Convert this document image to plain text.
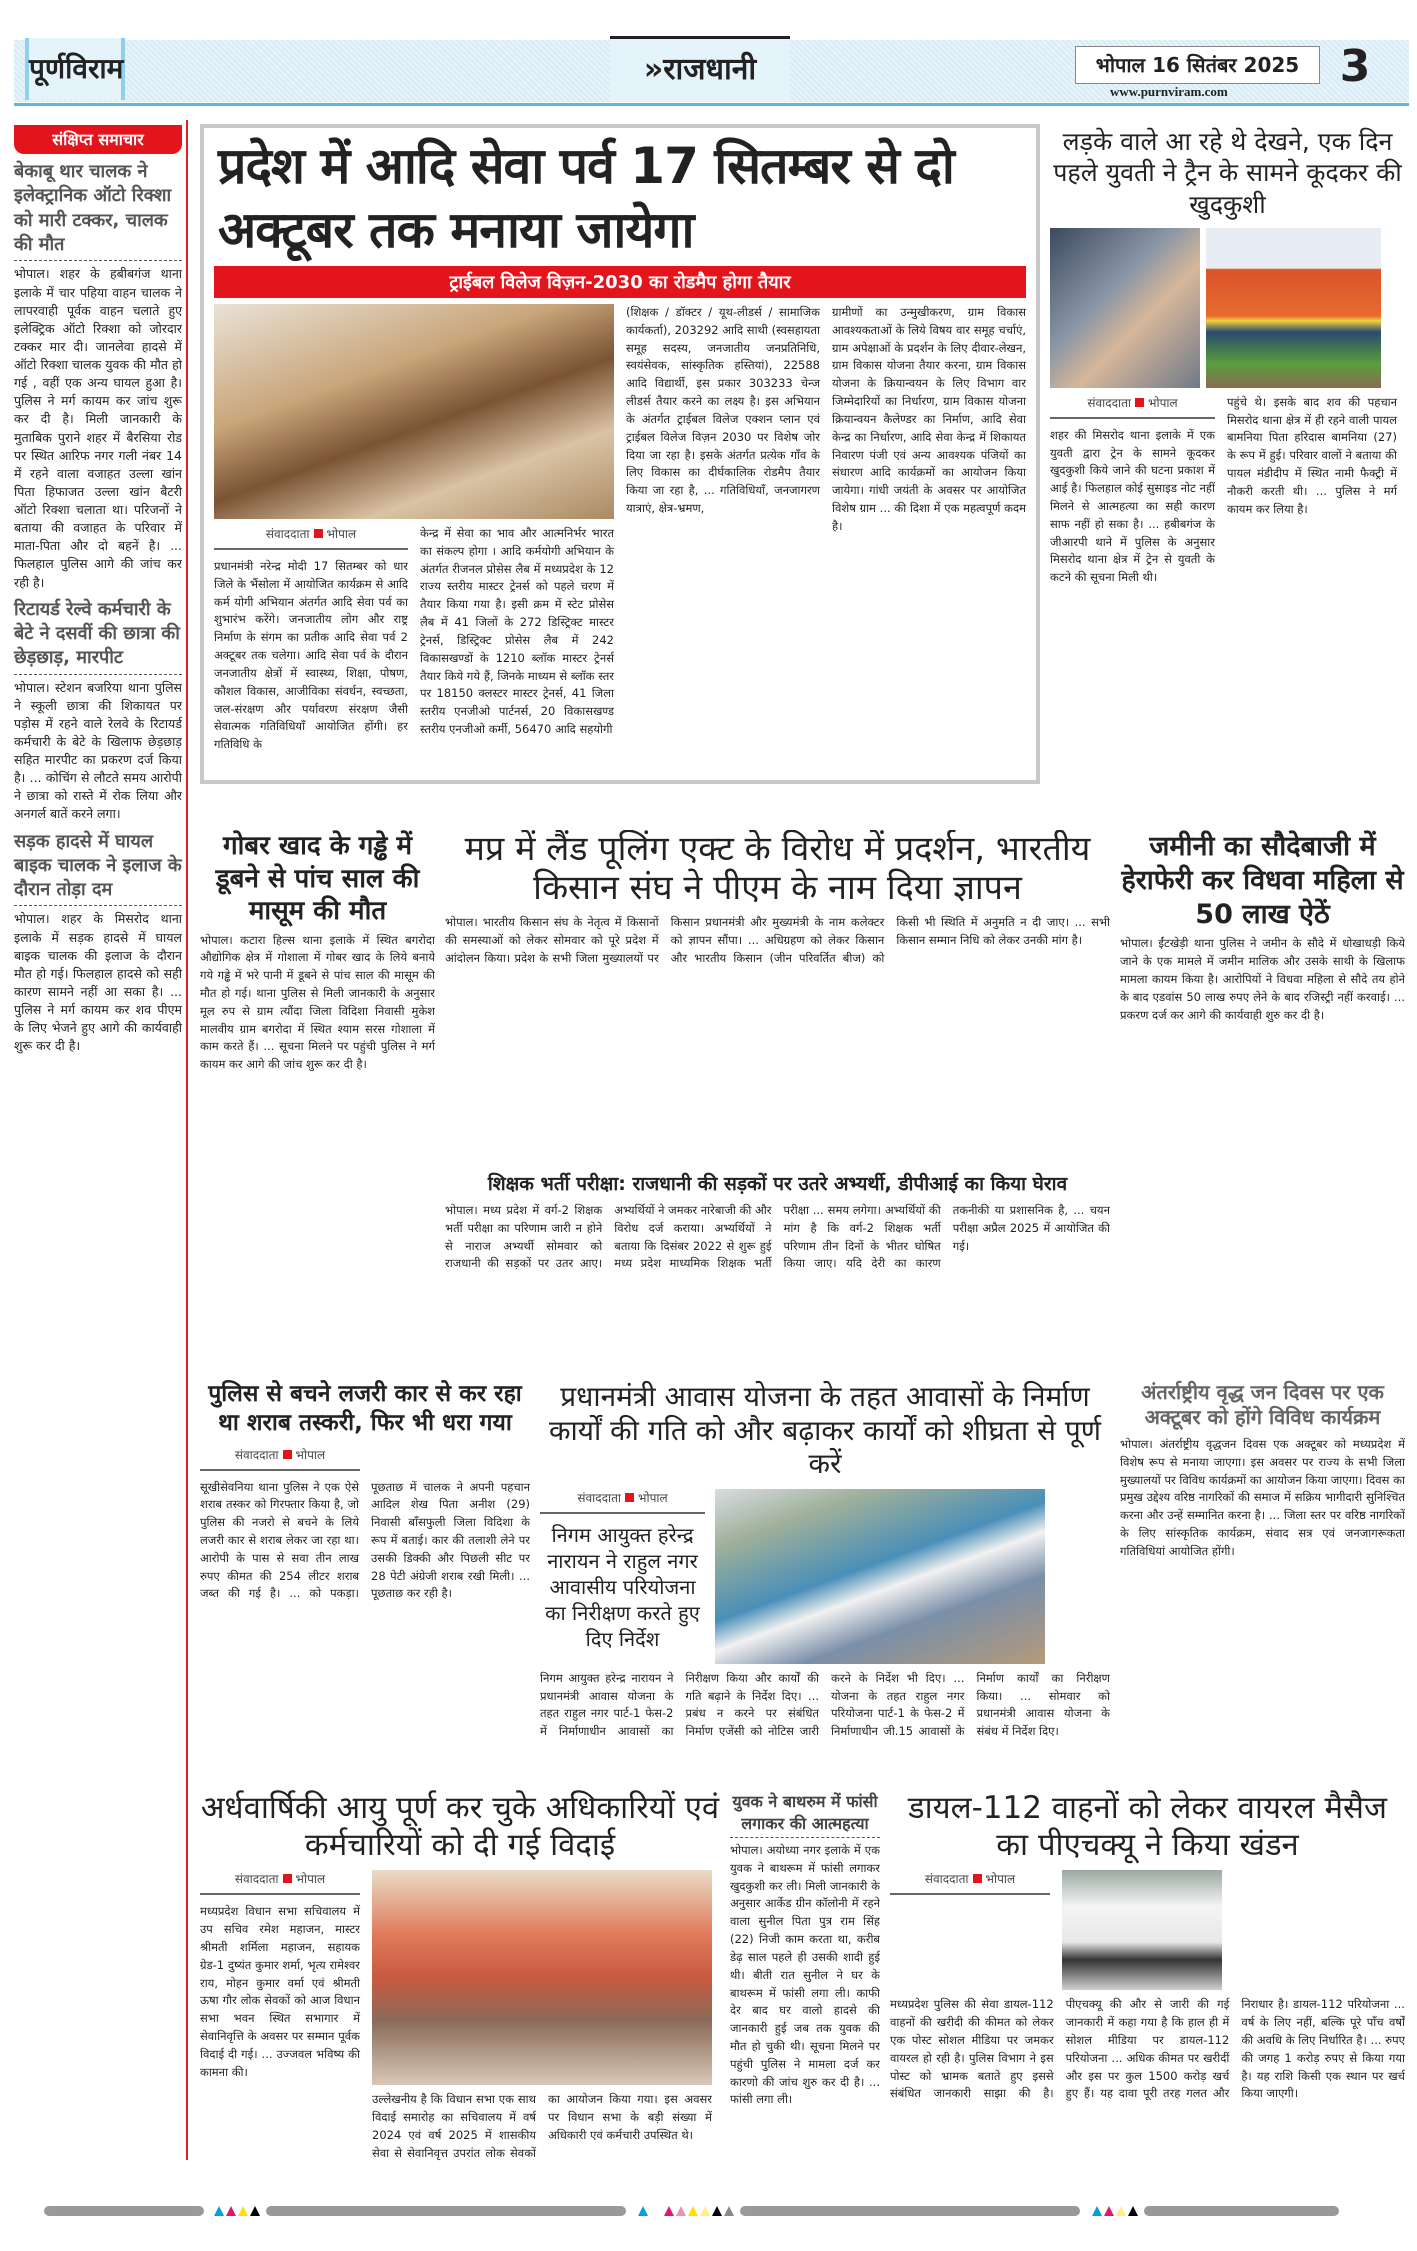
पूर्णविराम	»राजधानी	भोपाल 16 सितंबर 2025
www.purnviram.com	3
संक्षिप्त समाचार
बेकाबू थार चालक ने इलेक्ट्रानिक ऑटो रिक्शा को मारी टक्कर, चालक की मौत
भोपाल। शहर के हबीबगंज थाना इलाके में चार पहिया वाहन चालक ने लापरवाही पूर्वक वाहन चलाते हुए इलेक्ट्रिक ऑटो रिक्शा को जोरदार टक्कर मार दी। जानलेवा हादसे में ऑटो रिक्शा चालक युवक की मौत हो गई , वहीं एक अन्य घायल हुआ है। पुलिस ने मर्ग कायम कर जांच शुरू कर दी है। मिली जानकारी के मुताबिक पुराने शहर में बैरसिया रोड पर स्थित आरिफ नगर गली नंबर 14 में रहने वाला वजाहत उल्ला खांन पिता हिफाजत उल्ला खांन बैटरी ऑटो रिक्शा चलाता था। परिजनों ने बताया की वजाहत के परिवार में माता-पिता और दो बहनें है। ... फिलहाल पुलिस आगे की जांच कर रही है।
रिटायर्ड रेल्वे कर्मचारी के बेटे ने दसवीं की छात्रा की छेड़छाड़, मारपीट
भोपाल। स्टेशन बजरिया थाना पुलिस ने स्कूली छात्रा की शिकायत पर पड़ोस में रहने वाले रेलवे के रिटायर्ड कर्मचारी के बेटे के खिलाफ छेड़छाड़ सहित मारपीट का प्रकरण दर्ज किया है। ... कोचिंग से लौटते समय आरोपी ने छात्रा को रास्ते में रोक लिया और अनगर्ल बातें करने लगा।
सड़क हादसे में घायल बाइक चालक ने इलाज के दौरान तोड़ा दम
भोपाल। शहर के मिसरोद थाना इलाके में सड़क हादसे में घायल बाइक चालक की इलाज के दौरान मौत हो गई। फिलहाल हादसे को सही कारण सामने नहीं आ सका है। ... पुलिस ने मर्ग कायम कर शव पीएम के लिए भेजने हुए आगे की कार्यवाही शुरू कर दी है।
प्रदेश में आदि सेवा पर्व 17 सितम्बर से दो अक्टूबर तक मनाया जायेगा
ट्राईबल विलेज विज़न-2030 का रोडमैप होगा तैयार
संवाददाता भोपाल
प्रधानमंत्री नरेन्द्र मोदी 17 सितम्बर को धार जिले के भैंसोला में आयोजित कार्यक्रम से आदि कर्म योगी अभियान अंतर्गत आदि सेवा पर्व का शुभारंभ करेंगे। जनजातीय लोग और राष्ट्र निर्माण के संगम का प्रतीक आदि सेवा पर्व 2 अक्टूबर तक चलेगा। आदि सेवा पर्व के दौरान जनजातीय क्षेत्रों में स्वास्थ्य, शिक्षा, पोषण, कौशल विकास, आजीविका संवर्धन, स्वच्छता, जल-संरक्षण और पर्यावरण संरक्षण जैसी सेवात्मक गतिविधियाँ आयोजित होंगी। हर गतिविधि के
केन्द्र में सेवा का भाव और आत्मनिर्भर भारत का संकल्प होगा । आदि कर्मयोगी अभियान के अंतर्गत रीजनल प्रोसेस लैब में मध्यप्रदेश के 12 राज्य स्तरीय मास्टर ट्रेनर्स को पहले चरण में तैयार किया गया है। इसी क्रम में स्टेट प्रोसेस लैब में 41 जिलों के 272 डिस्ट्रिक्ट मास्टर ट्रेनर्स, डिस्ट्रिक्ट प्रोसेस लैब में 242 विकासखण्डों के 1210 ब्लॉक मास्टर ट्रेनर्स तैयार किये गये हैं, जिनके माध्यम से ब्लॉक स्तर पर 18150 क्लस्टर मास्टर ट्रेनर्स, 41 जिला स्तरीय एनजीओ पार्टनर्स, 20 विकासखण्ड स्तरीय एनजीओ कर्मी, 56470 आदि सहयोगी
(शिक्षक / डॉक्टर / यूथ-लीडर्स / सामाजिक कार्यकर्ता), 203292 आदि साथी (स्वसहायता समूह सदस्य, जनजातीय जनप्रतिनिधि, स्वयंसेवक, सांस्कृतिक हस्तियां), 22588 आदि विद्यार्थी, इस प्रकार 303233 चेन्ज लीडर्स तैयार करने का लक्ष्य है। इस अभियान के अंतर्गत ट्राईबल विलेज एक्शन प्लान एवं ट्राईबल विलेज विज़न 2030 पर विशेष जोर दिया जा रहा है। इसके अंतर्गत प्रत्येक गॉंव के लिए विकास का दीर्घकालिक रोडमैप तैयार किया जा रहा है, ... गतिविधियाँ, जनजागरण यात्राएं, क्षेत्र-भ्रमण,
ग्रामीणों का उन्मुखीकरण, ग्राम विकास आवश्यकताओं के लिये विषय वार समूह चर्चाएं, ग्राम अपेक्षाओं के प्रदर्शन के लिए दीवार-लेखन, ग्राम विकास योजना तैयार करना, ग्राम विकास योजना के क्रियान्वयन के लिए विभाग वार जिम्मेदारियों का निर्धारण, ग्राम विकास योजना क्रियान्वयन कैलेण्डर का निर्माण, आदि सेवा केन्द्र का निर्धारण, आदि सेवा केन्द्र में शिकायत निवारण पंजी एवं अन्य आवश्यक पंजियों का संधारण आदि कार्यक्रमों का आयोजन किया जायेगा। गांधी जयंती के अवसर पर आयोजित विशेष ग्राम ... की दिशा में एक महत्वपूर्ण कदम है।
लड़के वाले आ रहे थे देखने, एक दिन पहले युवती ने ट्रैन के सामने कूदकर की खुदकुशी
संवाददाता भोपाल
शहर की मिसरोद थाना इलाके में एक युवती द्वारा ट्रेन के सामने कूदकर खुदकुशी किये जाने की घटना प्रकाश में आई है। फिलहाल कोई सुसाइड नोट नहीं मिलने से आत्महत्या का सही कारण साफ नहीं हो सका है। ... हबीबगंज के जीआरपी थाने में पुलिस के अनुसार मिसरोद थाना क्षेत्र में ट्रेन से युवती के कटने की सूचना मिली थी।
पहुंचे थे। इसके बाद शव की पहचान मिसरोद थाना क्षेत्र में ही रहने वाली पायल बामनिया पिता हरिदास बामनिया (27) के रूप में हुई। परिवार वालों ने बताया की पायल मंडीदीप में स्थित नामी फैक्ट्री में नौकरी करती थी। ... पुलिस ने मर्ग कायम कर लिया है।
गोबर खाद के गड्ढे में डूबने से पांच साल की मासूम की मौत
भोपाल। कटारा हिल्स थाना इलाके में स्थित बगरोदा औद्योगिक क्षेत्र में गोशाला में गोबर खाद के लिये बनाये गये गड्ढे में भरे पानी में डूबने से पांच साल की मासूम की मौत हो गई। थाना पुलिस से मिली जानकारी के अनुसार मूल रुप से ग्राम त्यौंदा जिला विदिशा निवासी मुकेश मालवीय ग्राम बगरोदा में स्थित श्याम सरस गोशाला में काम करते हैं। ... सूचना मिलने पर पहुंची पुलिस ने मर्ग कायम कर आगे की जांच शुरू कर दी है।
मप्र में लैंड पूलिंग एक्ट के विरोध में प्रदर्शन, भारतीय किसान संघ ने पीएम के नाम दिया ज्ञापन
भोपाल। भारतीय किसान संघ के नेतृत्व में किसानों की समस्याओं को लेकर सोमवार को पूरे प्रदेश में आंदोलन किया। प्रदेश के सभी जिला मुख्यालयों पर किसान प्रधानमंत्री और मुख्यमंत्री के नाम कलेक्टर को ज्ञापन सौंपा। ... अधिग्रहण को लेकर किसान और भारतीय किसान (जीन परिवर्तित बीज) को किसी भी स्थिति में अनुमति न दी जाए। ... सभी किसान सम्मान निधि को लेकर उनकी मांग है।
जमीनी का सौदेबाजी में हेराफेरी कर विधवा महिला से 50 लाख ऐठें
भोपाल। ईंटखेड़ी थाना पुलिस ने जमीन के सौदे में धोखाधड़ी किये जाने के एक मामले में जमीन मालिक और उसके साथी के खिलाफ मामला कायम किया है। आरोपियों ने विधवा महिला से सौदे तय होने के बाद एडवांस 50 लाख रुपए लेने के बाद रजिस्ट्री नहीं करवाई। ... प्रकरण दर्ज कर आगे की कार्यवाही शुरु कर दी है।
शिक्षक भर्ती परीक्षा: राजधानी की सड़कों पर उतरे अभ्यर्थी, डीपीआई का किया घेराव
भोपाल। मध्य प्रदेश में वर्ग-2 शिक्षक भर्ती परीक्षा का परिणाम जारी न होने से नाराज अभ्यर्थी सोमवार को राजधानी की सड़कों पर उतर आए। अभ्यर्थियों ने जमकर नारेबाजी की और विरोध दर्ज कराया। अभ्यर्थियों ने बताया कि दिसंबर 2022 से शुरू हुई मध्य प्रदेश माध्यमिक शिक्षक भर्ती परीक्षा ... समय लगेगा। अभ्यर्थियों की मांग है कि वर्ग-2 शिक्षक भर्ती परिणाम तीन दिनों के भीतर घोषित किया जाए। यदि देरी का कारण तकनीकी या प्रशासनिक है, ... चयन परीक्षा अप्रैल 2025 में आयोजित की गई।
पुलिस से बचने लजरी कार से कर रहा था शराब तस्करी, फिर भी धरा गया
संवाददाता भोपाल
सूखीसेवनिया थाना पुलिस ने एक ऐसे शराब तस्कर को गिरफ्तार किया है, जो पुलिस की नजरो से बचने के लिये लजरी कार से शराब लेकर जा रहा था। आरोपी के पास से सवा तीन लाख रुपए कीमत की 254 लीटर शराब जब्त की गई है। ... को पकड़ा। पूछताछ में चालक ने अपनी पहचान आदिल शेख पिता अनीश (29) निवासी बॉंसफुली जिला विदिशा के रूप में बताई। कार की तलाशी लेने पर उसकी डिक्की और पिछली सीट पर 28 पेटी अंग्रेजी शराब रखी मिली। ... पूछताछ कर रही है।
प्रधानमंत्री आवास योजना के तहत आवासों के निर्माण कार्यों की गति को और बढ़ाकर कार्यों को शीघ्रता से पूर्ण करें
संवाददाता भोपाल
निगम आयुक्त हरेन्द्र नारायन ने राहुल नगर आवासीय परियोजना का निरीक्षण करते हुए दिए निर्देश
निगम आयुक्त हरेन्द्र नारायन ने प्रधानमंत्री आवास योजना के तहत राहुल नगर पार्ट-1 फेस-2 में निर्माणाधीन आवासों का निरीक्षण किया और कार्यों की गति बढ़ाने के निर्देश दिए। ... प्रबंध न करने पर संबंधित निर्माण एजेंसी को नोटिस जारी करने के निर्देश भी दिए। ... योजना के तहत राहुल नगर परियोजना पार्ट-1 के फेस-2 में निर्माणाधीन जी.15 आवासों के निर्माण कार्यों का निरीक्षण किया। ... सोमवार को प्रधानमंत्री आवास योजना के संबंध में निर्देश दिए।
अंतर्राष्ट्रीय वृद्ध जन दिवस पर एक अक्टूबर को होंगे विविध कार्यक्रम
भोपाल। अंतर्राष्ट्रीय वृद्धजन दिवस एक अक्टूबर को मध्यप्रदेश में विशेष रूप से मनाया जाएगा। इस अवसर पर राज्य के सभी जिला मुख्यालयों पर विविध कार्यक्रमों का आयोजन किया जाएगा। दिवस का प्रमुख उद्देश्य वरिष्ठ नागरिकों की समाज में सक्रिय भागीदारी सुनिश्चित करना और उन्हें सम्मानित करना है। ... जिला स्तर पर वरिष्ठ नागरिकों के लिए सांस्कृतिक कार्यक्रम, संवाद सत्र एवं जनजागरूकता गतिविधियां आयोजित होंगी।
अर्धवार्षिकी आयु पूर्ण कर चुके अधिकारियों एवं कर्मचारियों को दी गई विदाई
संवाददाता भोपाल
मध्यप्रदेश विधान सभा सचिवालय में उप सचिव रमेश महाजन, मास्टर श्रीमती शर्मिला महाजन, सहायक ग्रेड-1 दुष्यंत कुमार शर्मा, भृत्य रामेश्वर राय, मोहन कुमार वर्मा एवं श्रीमती ऊषा गौर लोक सेवकों को आज विधान सभा भवन स्थित सभागार में सेवानिवृत्ति के अवसर पर सम्मान पूर्वक विदाई दी गई। ... उज्जवल भविष्य की कामना की।
उल्लेखनीय है कि विधान सभा एक साथ विदाई समारोह का सचिवालय में वर्ष 2024 एवं वर्ष 2025 में शासकीय सेवा से सेवानिवृत्त उपरांत लोक सेवकों का आयोजन किया गया। इस अवसर पर विधान सभा के बड़ी संख्या में अधिकारी एवं कर्मचारी उपस्थित थे।
युवक ने बाथरुम में फांसी लगाकर की आत्महत्या
भोपाल। अयोध्या नगर इलाके में एक युवक ने बाथरूम में फांसी लगाकर खुदकुशी कर ली। मिली जानकारी के अनुसार आर्केड ग्रीन कॉलोनी में रहने वाला सुनील पिता पुत्र राम सिंह (22) निजी काम करता था, करीब डेढ़ साल पहले ही उसकी शादी हुई थी। बीती रात सुनील ने घर के बाथरूम में फांसी लगा ली। काफी देर बाद घर वालो हादसे की जानकारी हुई जब तक युवक की मौत हो चुकी थी। सूचना मिलने पर पहुंची पुलिस ने मामला दर्ज कर कारणो की जांच शुरु कर दी है। ... फांसी लगा ली।
डायल-112 वाहनों को लेकर वायरल मैसैज का पीएचक्यू ने किया खंडन
संवाददाता भोपाल
मध्यप्रदेश पुलिस की सेवा डायल-112 वाहनों की खरीदी की कीमत को लेकर एक पोस्ट सोशल मीडिया पर जमकर वायरल हो रही है। पुलिस विभाग ने इस पोस्ट को भ्रामक बताते हुए इससे संबंधित जानकारी साझा की है। पीएचक्यू की और से जारी की गई जानकारी में कहा गया है कि हाल ही में सोशल मीडिया पर डायल-112 परियोजना ... अधिक कीमत पर खरीदीं और इस पर कुल 1500 करोड़ खर्च हुए हैं। यह दावा पूरी तरह गलत और निराधार है। डायल-112 परियोजना ... वर्ष के लिए नहीं, बल्कि पूरे पाँच वर्षों की अवधि के लिए निर्धारित है। ... रुपए की जगह 1 करोड़ रुपए से किया गया है। यह राशि किसी एक स्थान पर खर्च किया जाएगी।
